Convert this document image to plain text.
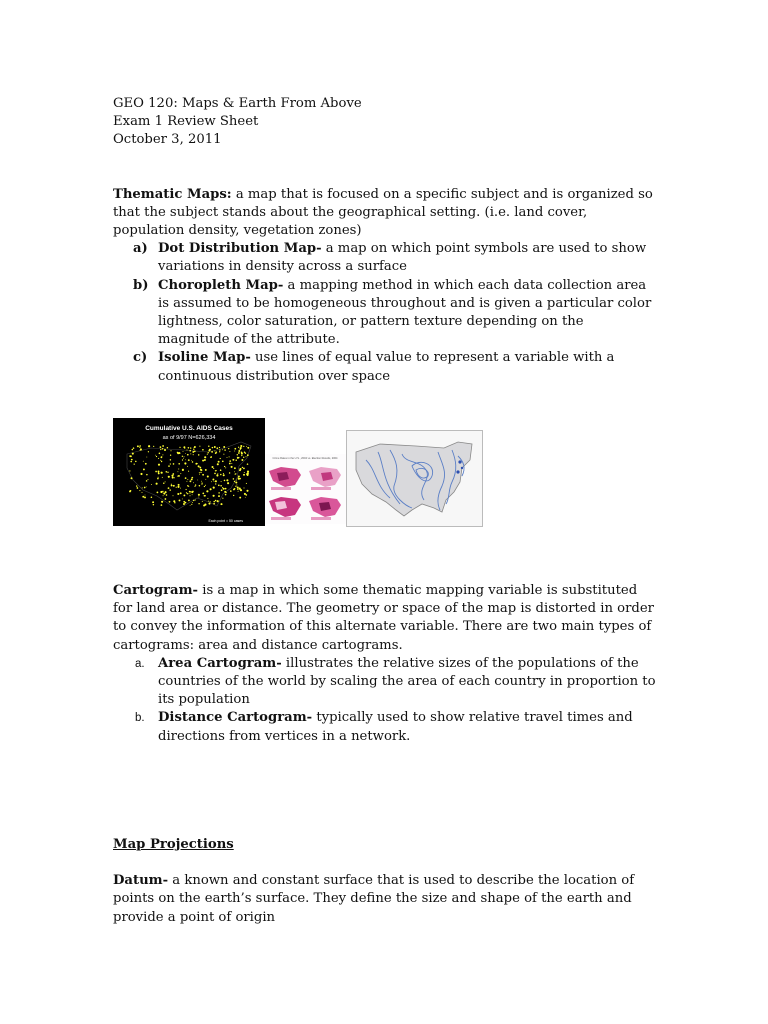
GEO 120: Maps & Earth From Above

Exam 1 Review Sheet

October 3, 2011

Thematic Maps: a map that is focused on a specific subject and is organized so that the subject stands about the geographical setting. (i.e. land cover, population density, vegetation zones)

a) Dot Distribution Map- a map on which point symbols are used to show variations in density across a surface
b) Choropleth Map- a mapping method in which each data collection area is assumed to be homogeneous throughout and is given a particular color lightness, color saturation, or pattern texture depending on the magnitude of the attribute.
c) Isoline Map- use lines of equal value to represent a variable with a continuous distribution over space
Cumulative U.S. AIDS Cases
as of 9/97 N=626,334
Each point = 50 cases
Crime Rates in the U.S., 2004 vs. Election Results, 2004

Cartogram- is a map in which some thematic mapping variable is substituted for land area or distance. The geometry or space of the map is distorted in order to convey the information of this alternate variable. There are two main types of cartograms: area and distance cartograms.

a. Area Cartogram- illustrates the relative sizes of the populations of the countries of the world by scaling the area of each country in proportion to its population
b. Distance Cartogram- typically used to show relative travel times and directions from vertices in a network.

Map Projections

Datum- a known and constant surface that is used to describe the location of points on the earth’s surface. They define the size and shape of the earth and provide a point of origin
